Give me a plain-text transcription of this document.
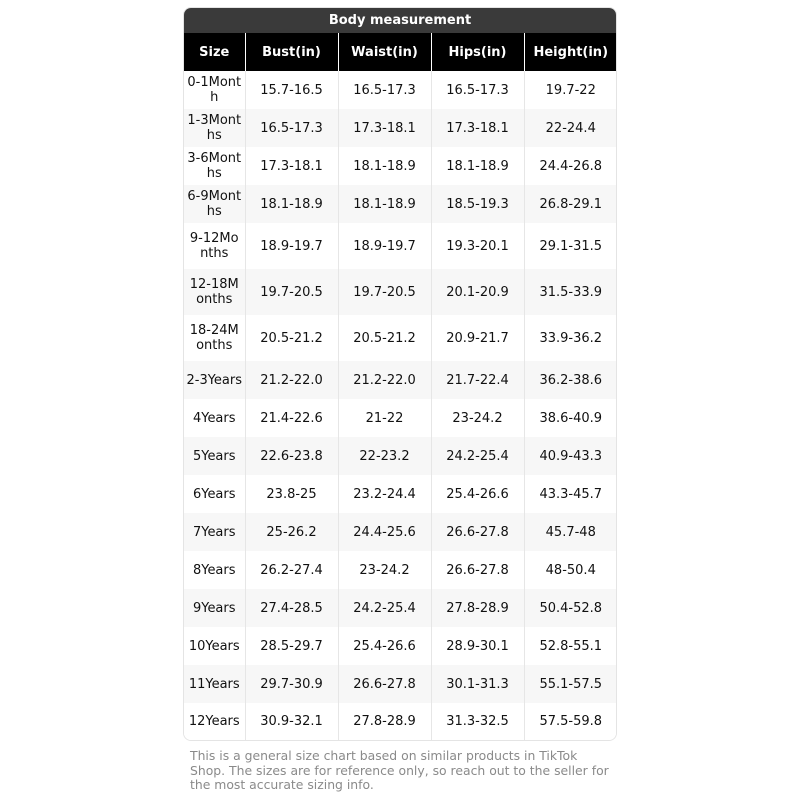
Body measurement
Size	Bust(in)	Waist(in)	Hips(in)	Height(in)
0-1Month	15.7-16.5	16.5-17.3	16.5-17.3	19.7-22
1-3Months	16.5-17.3	17.3-18.1	17.3-18.1	22-24.4
3-6Months	17.3-18.1	18.1-18.9	18.1-18.9	24.4-26.8
6-9Months	18.1-18.9	18.1-18.9	18.5-19.3	26.8-29.1
9-12Months	18.9-19.7	18.9-19.7	19.3-20.1	29.1-31.5
12-18Months	19.7-20.5	19.7-20.5	20.1-20.9	31.5-33.9
18-24Months	20.5-21.2	20.5-21.2	20.9-21.7	33.9-36.2
2-3Years	21.2-22.0	21.2-22.0	21.7-22.4	36.2-38.6
4Years	21.4-22.6	21-22	23-24.2	38.6-40.9
5Years	22.6-23.8	22-23.2	24.2-25.4	40.9-43.3
6Years	23.8-25	23.2-24.4	25.4-26.6	43.3-45.7
7Years	25-26.2	24.4-25.6	26.6-27.8	45.7-48
8Years	26.2-27.4	23-24.2	26.6-27.8	48-50.4
9Years	27.4-28.5	24.2-25.4	27.8-28.9	50.4-52.8
10Years	28.5-29.7	25.4-26.6	28.9-30.1	52.8-55.1
11Years	29.7-30.9	26.6-27.8	30.1-31.3	55.1-57.5
12Years	30.9-32.1	27.8-28.9	31.3-32.5	57.5-59.8
This is a general size chart based on similar products in TikTok Shop. The sizes are for reference only, so reach out to the seller for the most accurate sizing info.
